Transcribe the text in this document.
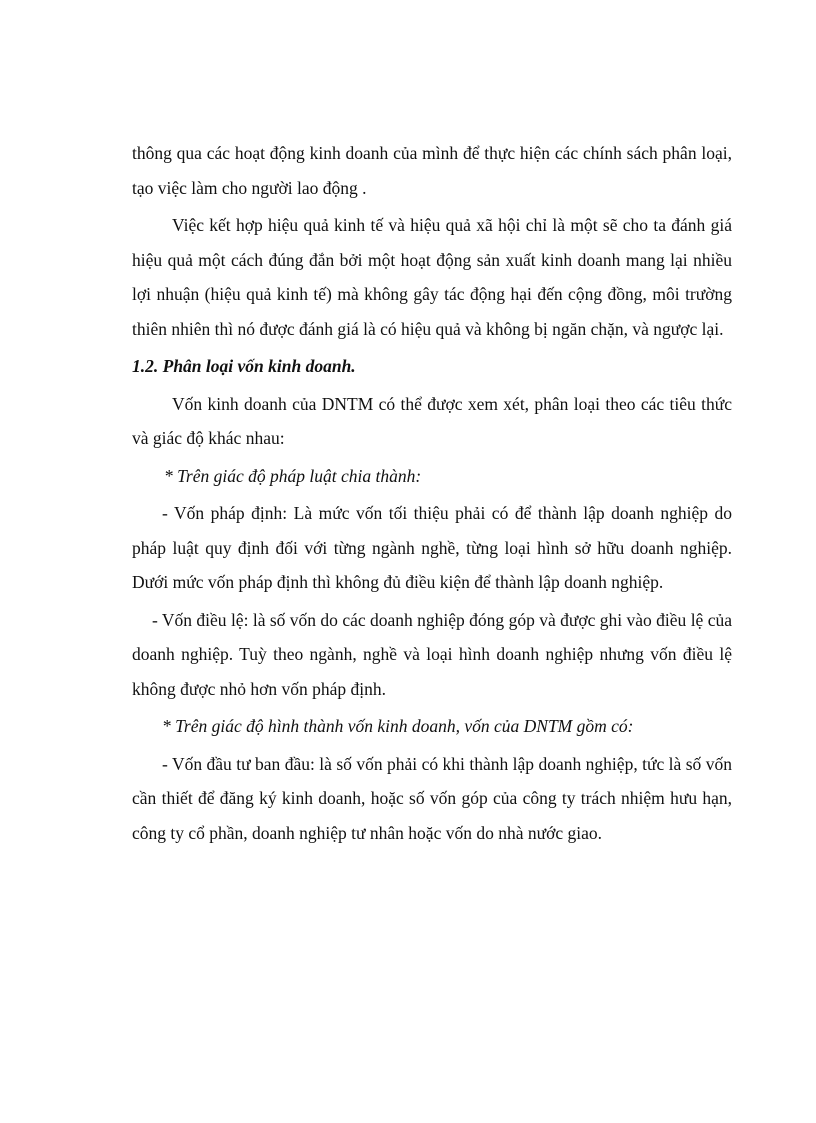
thông qua các hoạt động kinh doanh của mình để thực hiện các chính sách phân loại, tạo việc làm cho người lao động .

Việc kết hợp hiệu quả kinh tế và hiệu quả xã hội chỉ là một sẽ cho ta đánh giá hiệu quả một cách đúng đắn bởi một hoạt động sản xuất kinh doanh mang lại nhiều lợi nhuận (hiệu quả kinh tế) mà không gây tác động hại đến cộng đồng, môi trường thiên nhiên thì nó được đánh giá là có hiệu quả và không bị ngăn chặn, và ngược lại.

1.2. Phân loại vốn kinh doanh.

Vốn kinh doanh của DNTM có thể được xem xét, phân loại theo các tiêu thức và giác độ khác nhau:

* Trên giác độ pháp luật chia thành:

- Vốn pháp định: Là mức vốn tối thiệu phải có để thành lập doanh nghiệp do pháp luật quy định đối với từng ngành nghề, từng loại hình sở hữu doanh nghiệp. Dưới mức vốn pháp định thì không đủ điều kiện để thành lập doanh nghiệp.

- Vốn điều lệ: là số vốn do các doanh nghiệp đóng góp và được ghi vào điều lệ của doanh nghiệp. Tuỳ theo ngành, nghề và loại hình doanh nghiệp nhưng vốn điều lệ không được nhỏ hơn vốn pháp định.

* Trên giác độ hình thành vốn kinh doanh, vốn của DNTM gồm có:

- Vốn đầu tư ban đầu: là số vốn phải có khi thành lập doanh nghiệp, tức là số vốn cần thiết để đăng ký kinh doanh, hoặc số vốn góp của công ty trách nhiệm hưu hạn, công ty cổ phần, doanh nghiệp tư nhân hoặc vốn do nhà nước giao.
